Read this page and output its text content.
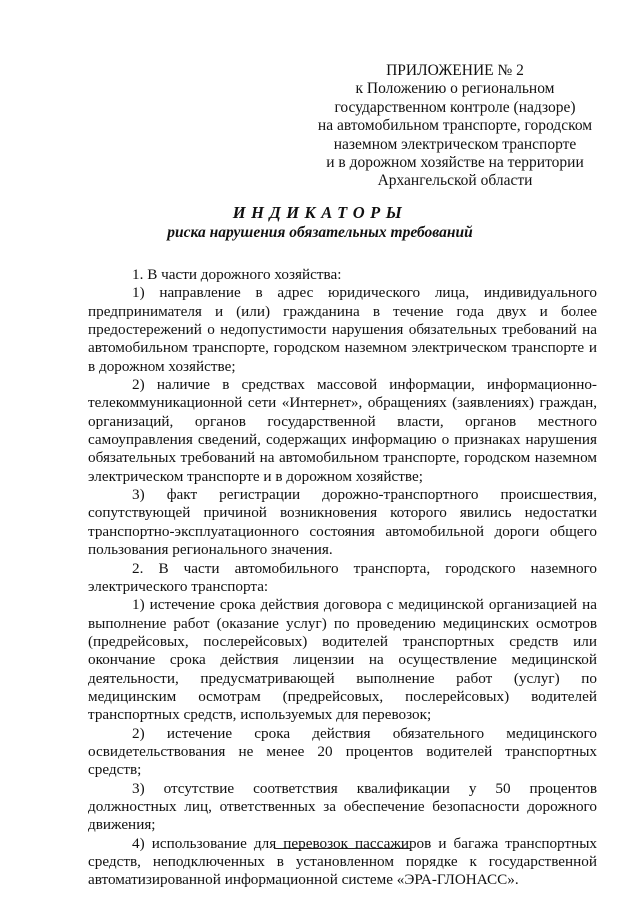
ПРИЛОЖЕНИЕ № 2
к Положению о региональном
государственном контроле (надзоре)
на автомобильном транспорте, городском
наземном электрическом транспорте
и в дорожном хозяйстве на территории
Архангельской области
ИНДИКАТОРЫ
риска нарушения обязательных требований

1. В части дорожного хозяйства:

1) направление в адрес юридического лица, индивидуального предпринимателя и (или) гражданина в течение года двух и более предостережений о недопустимости нарушения обязательных требований на автомобильном транспорте, городском наземном электрическом транспорте и в дорожном хозяйстве;

2) наличие в средствах массовой информации, информационно-телекоммуникационной сети «Интернет», обращениях (заявлениях) граждан, организаций, органов государственной власти, органов местного самоуправления сведений, содержащих информацию о признаках нарушения обязательных требований на автомобильном транспорте, городском наземном электрическом транспорте и в дорожном хозяйстве;

3) факт регистрации дорожно-транспортного происшествия, сопутствующей причиной возникновения которого явились недостатки транспортно-эксплуатационного состояния автомобильной дороги общего пользования регионального значения.

2. В части автомобильного транспорта, городского наземного электрического транспорта:

1) истечение срока действия договора с медицинской организацией на выполнение работ (оказание услуг) по проведению медицинских осмотров (предрейсовых, послерейсовых) водителей транспортных средств или окончание срока действия лицензии на осуществление медицинской деятельности, предусматривающей выполнение работ (услуг) по медицинским осмотрам (предрейсовых, послерейсовых) водителей транспортных средств, используемых для перевозок;

2) истечение срока действия обязательного медицинского освидетельствования не менее 20 процентов водителей транспортных средств;

3) отсутствие соответствия квалификации у 50 процентов должностных лиц, ответственных за обеспечение безопасности дорожного движения;

4) использование для перевозок пассажиров и багажа транспортных средств, неподключенных в установленном порядке к государственной автоматизированной информационной системе «ЭРА-ГЛОНАСС».
